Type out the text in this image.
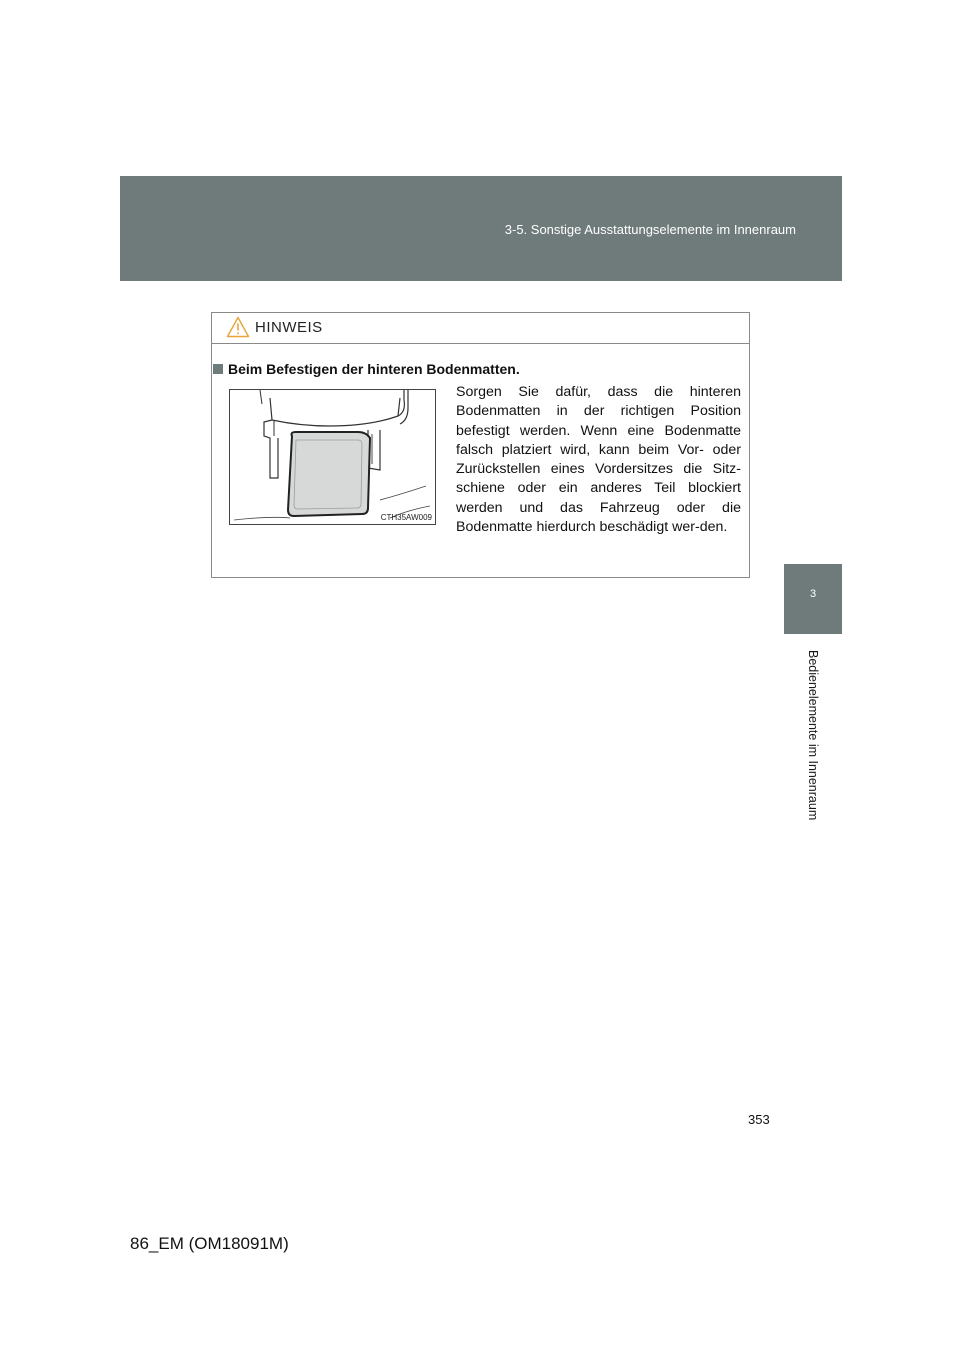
3-5. Sonstige Ausstattungselemente im Innenraum
3
Bedienelemente im Innenraum
HINWEIS
Beim Befestigen der hinteren Bodenmatten.
CTH35AW009
Sorgen Sie dafür, dass die hinteren Bodenmatten in der richtigen Position befestigt werden. Wenn eine Bodenmatte falsch platziert wird, kann beim Vor- oder Zurückstellen eines Vordersitzes die Sitz-schiene oder ein anderes Teil blockiert werden und das Fahrzeug oder die Bodenmatte hierdurch beschädigt wer-den.
353
86_EM (OM18091M)
